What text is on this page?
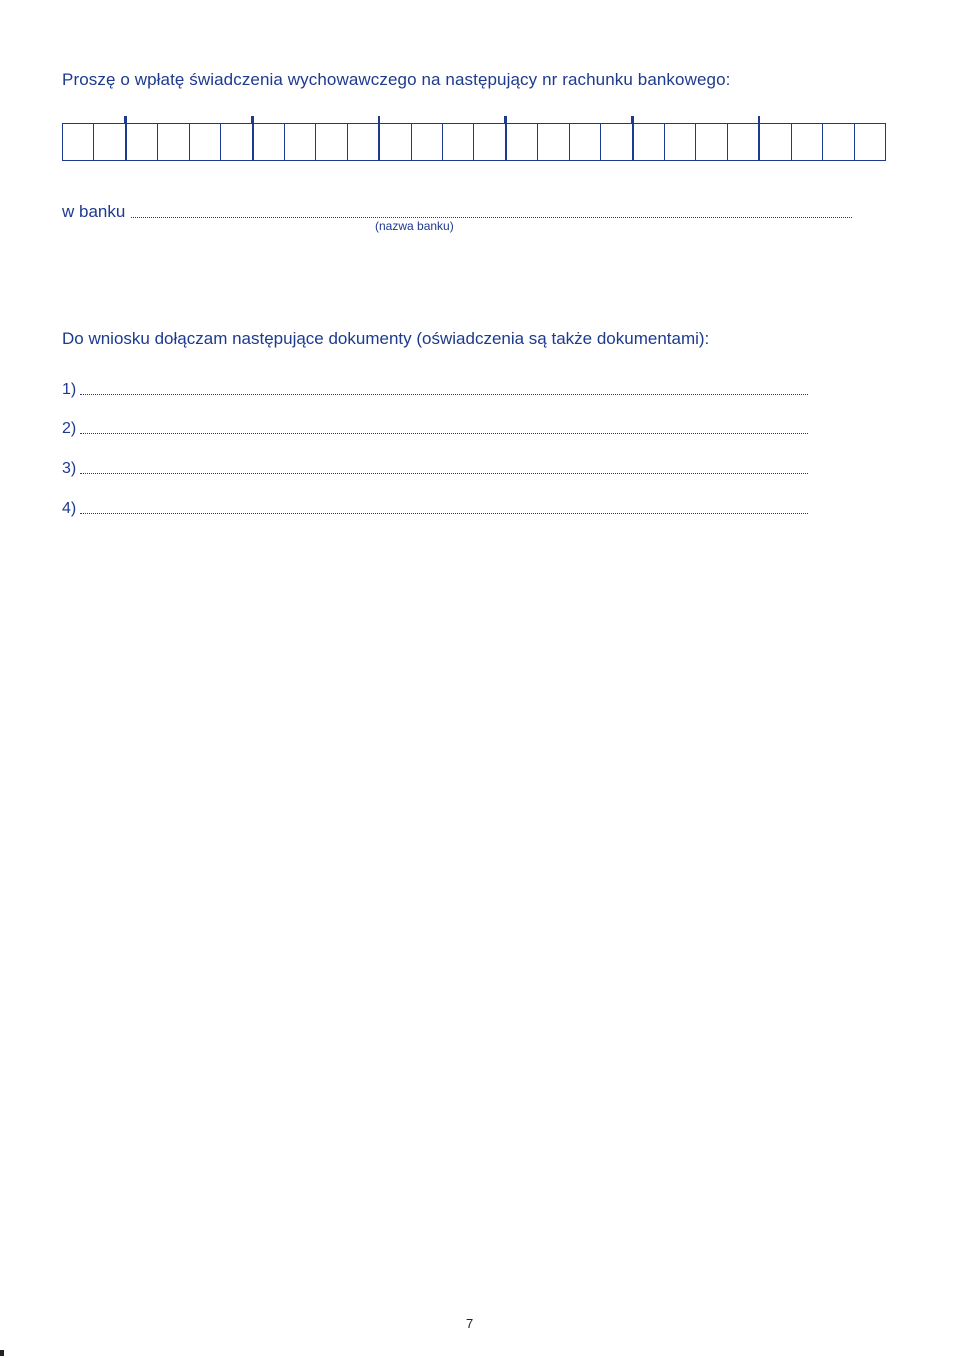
Proszę o wpłatę świadczenia wychowawczego na następujący nr rachunku bankowego:
w banku
(nazwa banku)
Do wniosku dołączam następujące dokumenty (oświadczenia są także dokumentami):
1)
2)
3)
4)
7
